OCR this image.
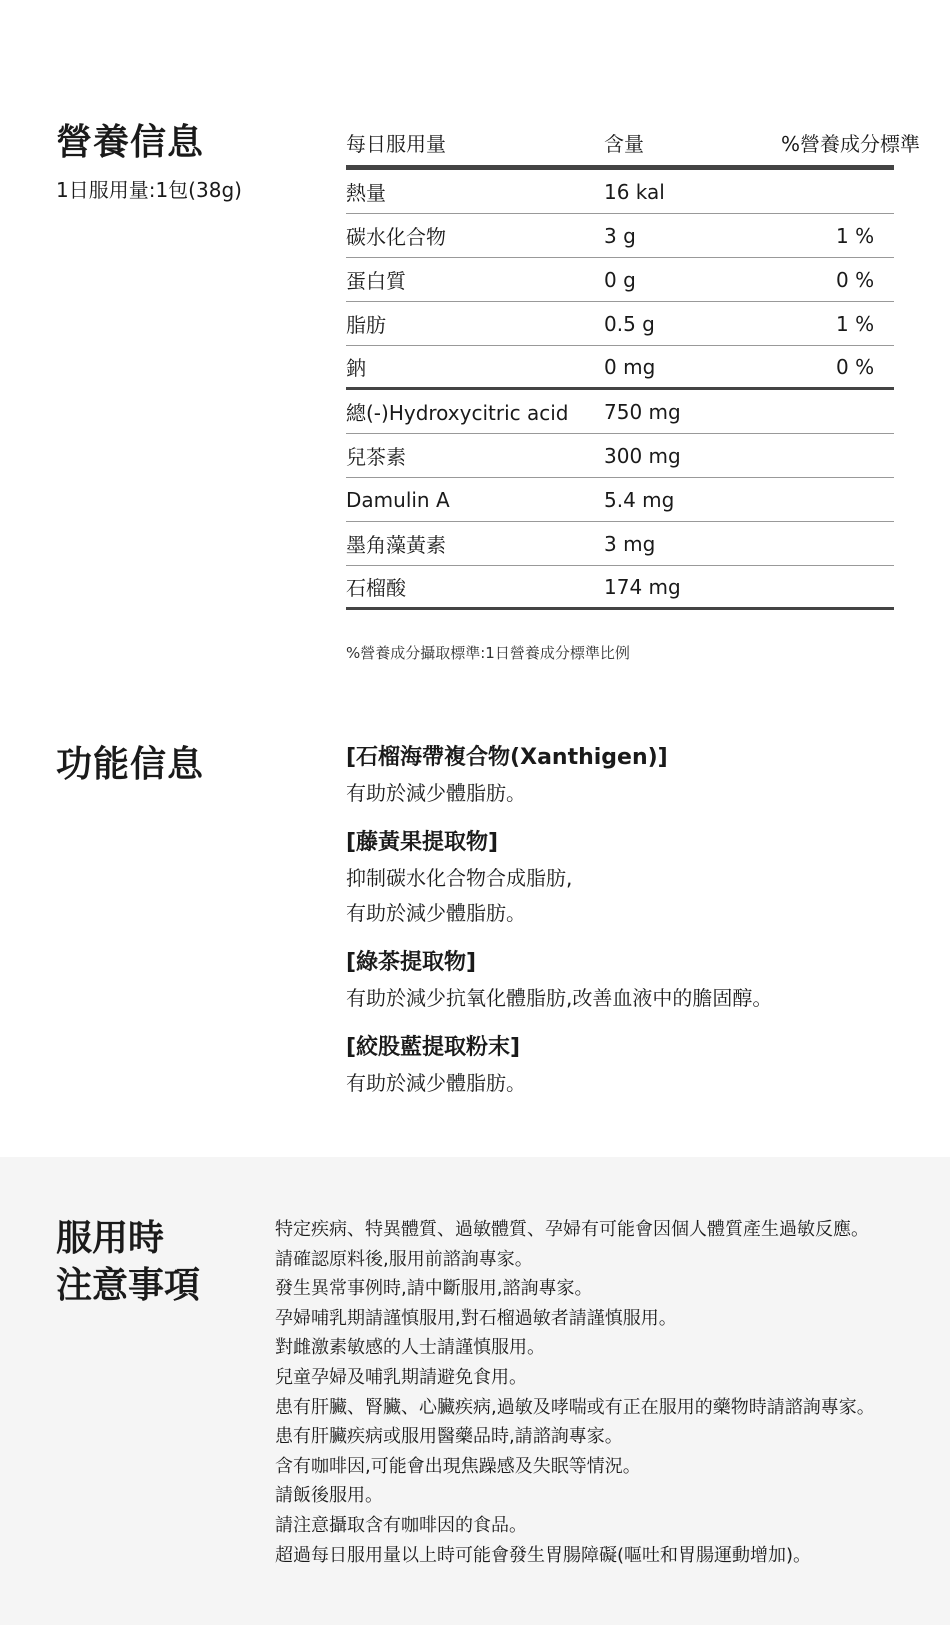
營養信息
1日服用量:1包(38g)
每日服用量	含量	%營養成分標準
熱量	16 kal
碳水化合物	3 g	1 %
蛋白質	0 g	0 %
脂肪	0.5 g	1 %
鈉	0 mg	0 %
總(-)Hydroxycitric acid	750 mg
兒茶素	300 mg
Damulin A	5.4 mg
墨角藻黃素	3 mg
石榴酸	174 mg
%營養成分攝取標準:1日營養成分標準比例
功能信息	[石榴海帶複合物(Xanthigen)]
有助於減少體脂肪。
[藤黃果提取物]
抑制碳水化合物合成脂肪,
有助於減少體脂肪。
[綠茶提取物]
有助於減少抗氧化體脂肪,改善血液中的膽固醇。
[絞股藍提取粉末]
有助於減少體脂肪。
服用時
注意事項
特定疾病、特異體質、過敏體質、孕婦有可能會因個人體質產生過敏反應。
請確認原料後,服用前諮詢專家。
發生異常事例時,請中斷服用,諮詢專家。
孕婦哺乳期請謹慎服用,對石榴過敏者請謹慎服用。
對雌激素敏感的人士請謹慎服用。
兒童孕婦及哺乳期請避免食用。
患有肝臟、腎臟、心臟疾病,過敏及哮喘或有正在服用的藥物時請諮詢專家。
患有肝臟疾病或服用醫藥品時,請諮詢專家。
含有咖啡因,可能會出現焦躁感及失眠等情況。
請飯後服用。
請注意攝取含有咖啡因的食品。
超過每日服用量以上時可能會發生胃腸障礙(嘔吐和胃腸運動增加)。
